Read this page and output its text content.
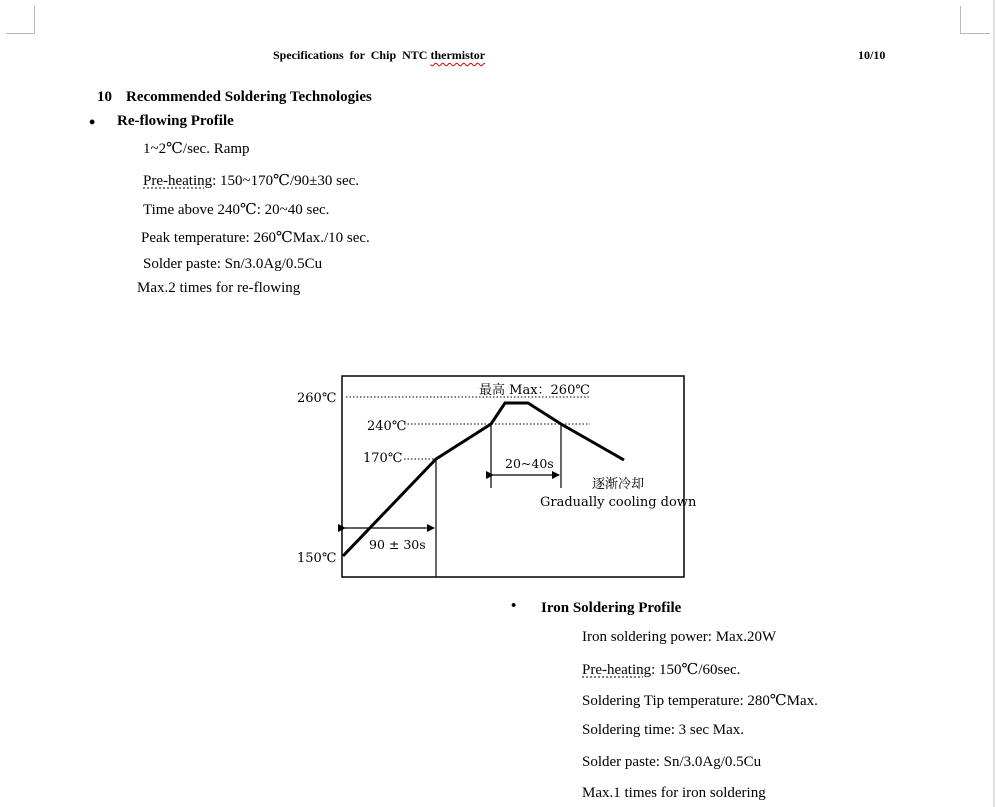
Specifications  for  Chip  NTC thermistor	10/10
10 Recommended Soldering Technologies
• Re-flowing Profile
1~2℃/sec. Ramp
Pre-heating: 150~170℃/90±30 sec.
Time above 240℃: 20~40 sec.
Peak temperature: 260℃Max./10 sec.
Solder paste: Sn/3.0Ag/0.5Cu
Max.2 times for re-flowing
260℃
240℃
170℃
150℃
最高 Max：260℃
20~40s
90 ± 30s
逐渐冷却
Gradually cooling down
• Iron Soldering Profile
Iron soldering power: Max.20W
Pre-heating: 150℃/60sec.
Soldering Tip temperature: 280℃Max.
Soldering time: 3 sec Max.
Solder paste: Sn/3.0Ag/0.5Cu
Max.1 times for iron soldering
